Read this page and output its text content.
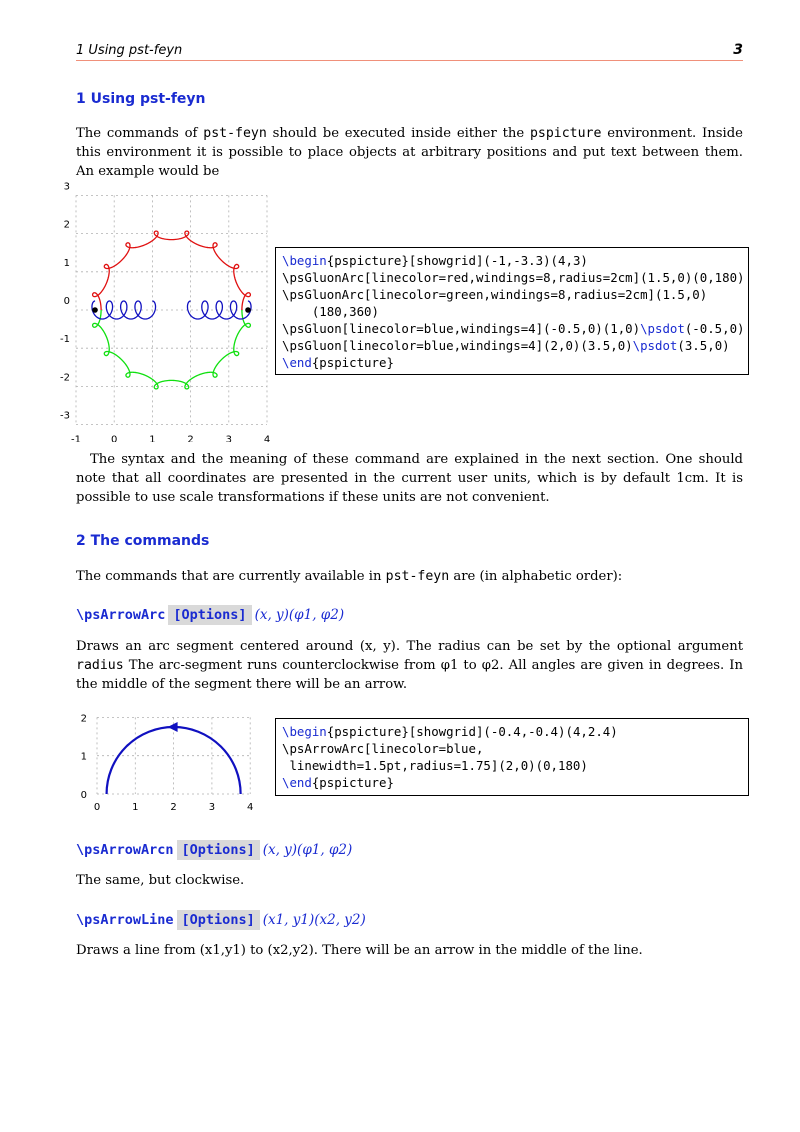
1 Using pst-feyn	3
1 Using pst-feyn
The commands of pst-feyn should be executed inside either the pspicture environment. Inside this environment it is possible to place objects at arbitrary positions and put text between them. An example would be
-1	0	1	2	3	4
3
2
1
0
-1
-2
-3
\begin{pspicture}[showgrid](-1,-3.3)(4,3)
\psGluonArc[linecolor=red,windings=8,radius=2cm](1.5,0)(0,180)
\psGluonArc[linecolor=green,windings=8,radius=2cm](1.5,0)
(180,360)
\psGluon[linecolor=blue,windings=4](-0.5,0)(1,0)\psdot(-0.5,0)
\psGluon[linecolor=blue,windings=4](2,0)(3.5,0)\psdot(3.5,0)
\end{pspicture}
The syntax and the meaning of these command are explained in the next section. One should note that all coordinates are presented in the current user units, which is by default 1cm. It is possible to use scale transformations if these units are not convenient.
2 The commands
The commands that are currently available in pst-feyn are (in alphabetic order):
\psArrowArc [Options] (x, y)(φ1, φ2)
Draws an arc segment centered around (x, y). The radius can be set by the optional argument radius The arc-segment runs counterclockwise from φ1 to φ2. All angles are given in degrees. In the middle of the segment there will be an arrow.
0	1	2	3	4
2
1
0
\begin{pspicture}[showgrid](-0.4,-0.4)(4,2.4)
\psArrowArc[linecolor=blue,
linewidth=1.5pt,radius=1.75](2,0)(0,180)
\end{pspicture}
\psArrowArcn [Options] (x, y)(φ1, φ2)
The same, but clockwise.
\psArrowLine [Options] (x1, y1)(x2, y2)
Draws a line from (x1,y1) to (x2,y2). There will be an arrow in the middle of the line.
